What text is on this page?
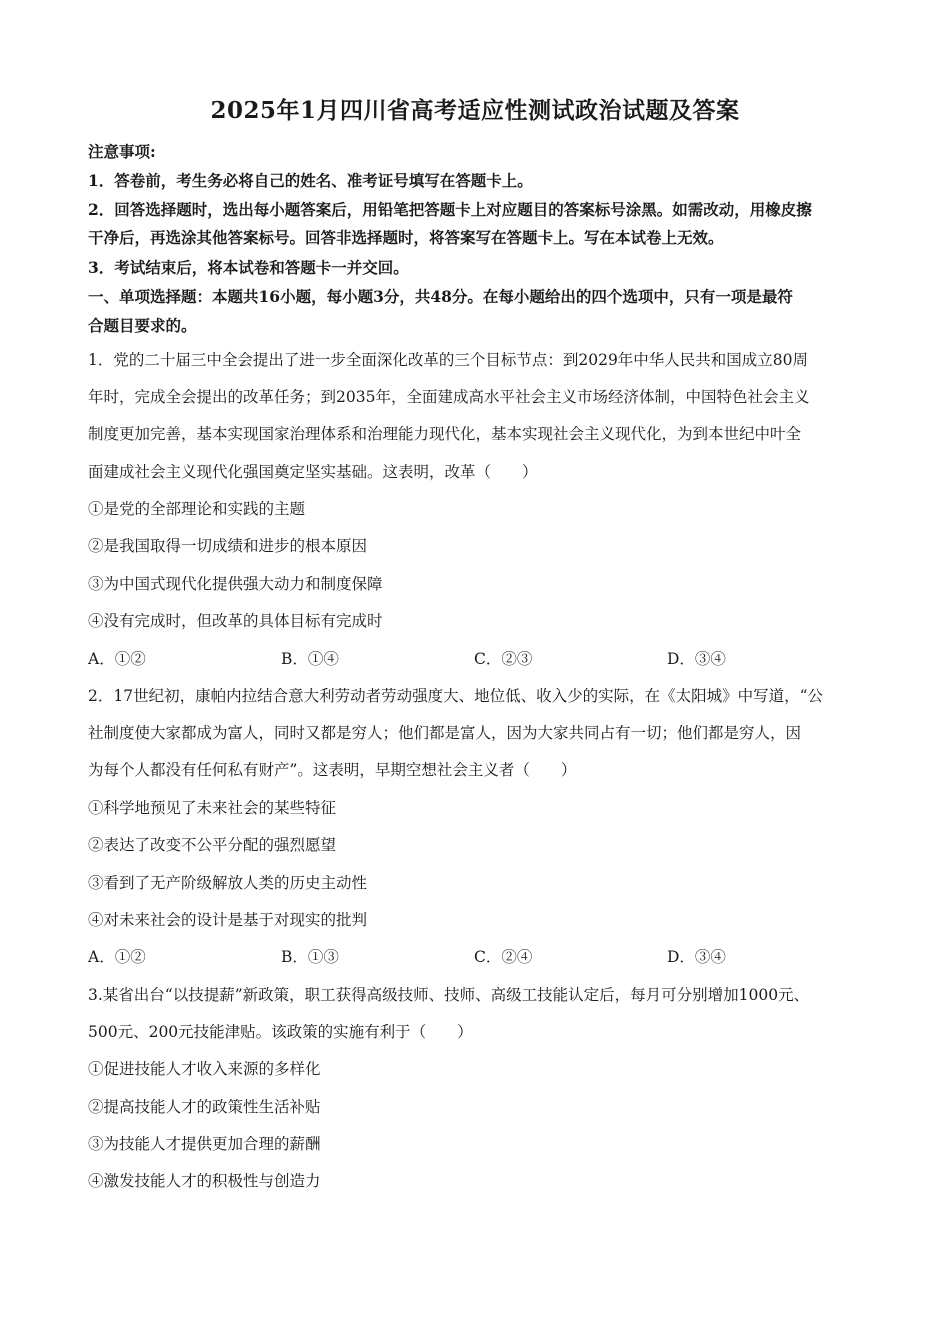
2025年1月四川省高考适应性测试政治试题及答案
注意事项:
1．答卷前，考生务必将自己的姓名、准考证号填写在答题卡上。
2．回答选择题时，选出每小题答案后，用铅笔把答题卡上对应题目的答案标号涂黑。如需改动，用橡皮擦
干净后，再选涂其他答案标号。回答非选择题时，将答案写在答题卡上。写在本试卷上无效。
3．考试结束后，将本试卷和答题卡一并交回。
一、单项选择题：本题共16小题，每小题3分，共48分。在每小题给出的四个选项中，只有一项是最符
合题目要求的。
1．党的二十届三中全会提出了进一步全面深化改革的三个目标节点：到2029年中华人民共和国成立80周
年时，完成全会提出的改革任务；到2035年，全面建成高水平社会主义市场经济体制，中国特色社会主义
制度更加完善，基本实现国家治理体系和治理能力现代化，基本实现社会主义现代化，为到本世纪中叶全
面建成社会主义现代化强国奠定坚实基础。这表明，改革（　　）
①是党的全部理论和实践的主题
②是我国取得一切成绩和进步的根本原因
③为中国式现代化提供强大动力和制度保障
④没有完成时，但改革的具体目标有完成时
A．①②	B．①④	C．②③	D．③④
2．17世纪初，康帕内拉结合意大利劳动者劳动强度大、地位低、收入少的实际，在《太阳城》中写道，“公
社制度使大家都成为富人，同时又都是穷人；他们都是富人，因为大家共同占有一切；他们都是穷人，因
为每个人都没有任何私有财产”。这表明，早期空想社会主义者（　　）
①科学地预见了未来社会的某些特征
②表达了改变不公平分配的强烈愿望
③看到了无产阶级解放人类的历史主动性
④对未来社会的设计是基于对现实的批判
A．①②	B．①③	C．②④	D．③④
3.某省出台“以技提薪”新政策，职工获得高级技师、技师、高级工技能认定后，每月可分别增加1000元、
500元、200元技能津贴。该政策的实施有利于（　　）
①促进技能人才收入来源的多样化
②提高技能人才的政策性生活补贴
③为技能人才提供更加合理的薪酬
④激发技能人才的积极性与创造力
